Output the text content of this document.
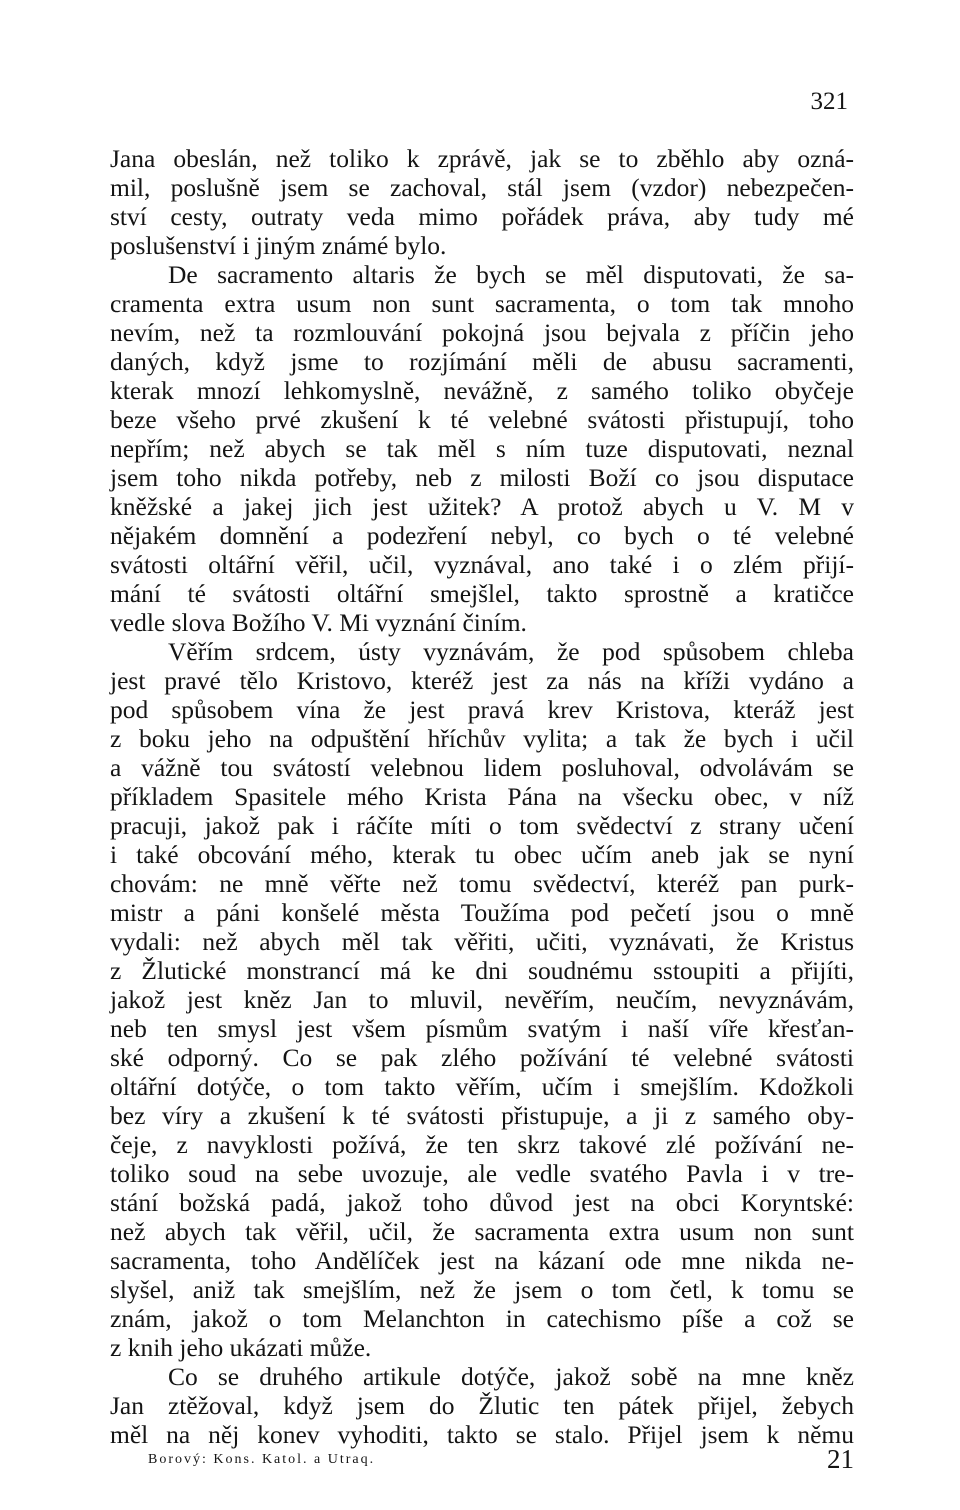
321
Jana obeslán, než toliko k zprávě, jak se to zběhlo aby ozná-
mil, poslušně jsem se zachoval, stál jsem (vzdor) nebezpečen-
ství cesty, outraty veda mimo pořádek práva, aby tudy mé
poslušenství i jiným známé bylo.
De sacramento altaris že bych se měl disputovati, že sa-
cramenta extra usum non sunt sacramenta, o tom tak mnoho
nevím, než ta rozmlouvání pokojná jsou bejvala z příčin jeho
daných, když jsme to rozjímání měli de abusu sacramenti,
kterak mnozí lehkomyslně, nevážně, z samého toliko obyčeje
beze všeho prvé zkušení k té velebné svátosti přistupují, toho
nepřím; než abych se tak měl s ním tuze disputovati, neznal
jsem toho nikda potřeby, neb z milosti Boží co jsou disputace
kněžské a jakej jich jest užitek? A protož abych u V. M v
nějakém domnění a podezření nebyl, co bych o té velebné
svátosti oltářní věřil, učil, vyznával, ano také i o zlém přijí-
mání té svátosti oltářní smejšlel, takto sprostně a kratičce
vedle slova Božího V. Mi vyznání činím.
Věřím srdcem, ústy vyznávám, že pod spůsobem chleba
jest pravé tělo Kristovo, kteréž jest za nás na kříži vydáno a
pod spůsobem vína že jest pravá krev Kristova, kteráž jest
z boku jeho na odpuštění hříchův vylita; a tak že bych i učil
a vážně tou svátostí velebnou lidem posluhoval, odvolávám se
příkladem Spasitele mého Krista Pána na všecku obec, v níž
pracuji, jakož pak i ráčíte míti o tom svědectví z strany učení
i také obcování mého, kterak tu obec učím aneb jak se nyní
chovám: ne mně věřte než tomu svědectví, kteréž pan purk-
mistr a páni konšelé města Toužíma pod pečetí jsou o mně
vydali: než abych měl tak věřiti, učiti, vyznávati, že Kristus
z Žlutické monstrancí má ke dni soudnému sstoupiti a přijíti,
jakož jest kněz Jan to mluvil, nevěřím, neučím, nevyznávám,
neb ten smysl jest všem písmům svatým i naší víře křesťan-
ské odporný. Co se pak zlého požívání té velebné svátosti
oltářní dotýče, o tom takto věřím, učím i smejšlím. Kdožkoli
bez víry a zkušení k té svátosti přistupuje, a ji z samého oby-
čeje, z navyklosti požívá, že ten skrz takové zlé požívání ne-
toliko soud na sebe uvozuje, ale vedle svatého Pavla i v tre-
stání božská padá, jakož toho důvod jest na obci Koryntské:
než abych tak věřil, učil, že sacramenta extra usum non sunt
sacramenta, toho Andělíček jest na kázaní ode mne nikda ne-
slyšel, aniž tak smejšlím, než že jsem o tom četl, k tomu se
znám, jakož o tom Melanchton in catechismo píše a což se
z knih jeho ukázati může.
Co se druhého artikule dotýče, jakož sobě na mne kněz
Jan ztěžoval, když jsem do Žlutic ten pátek přijel, žebych
měl na něj konev vyhoditi, takto se stalo. Přijel jsem k němu
Borový: Kons. Katol. a Utraq.	21
